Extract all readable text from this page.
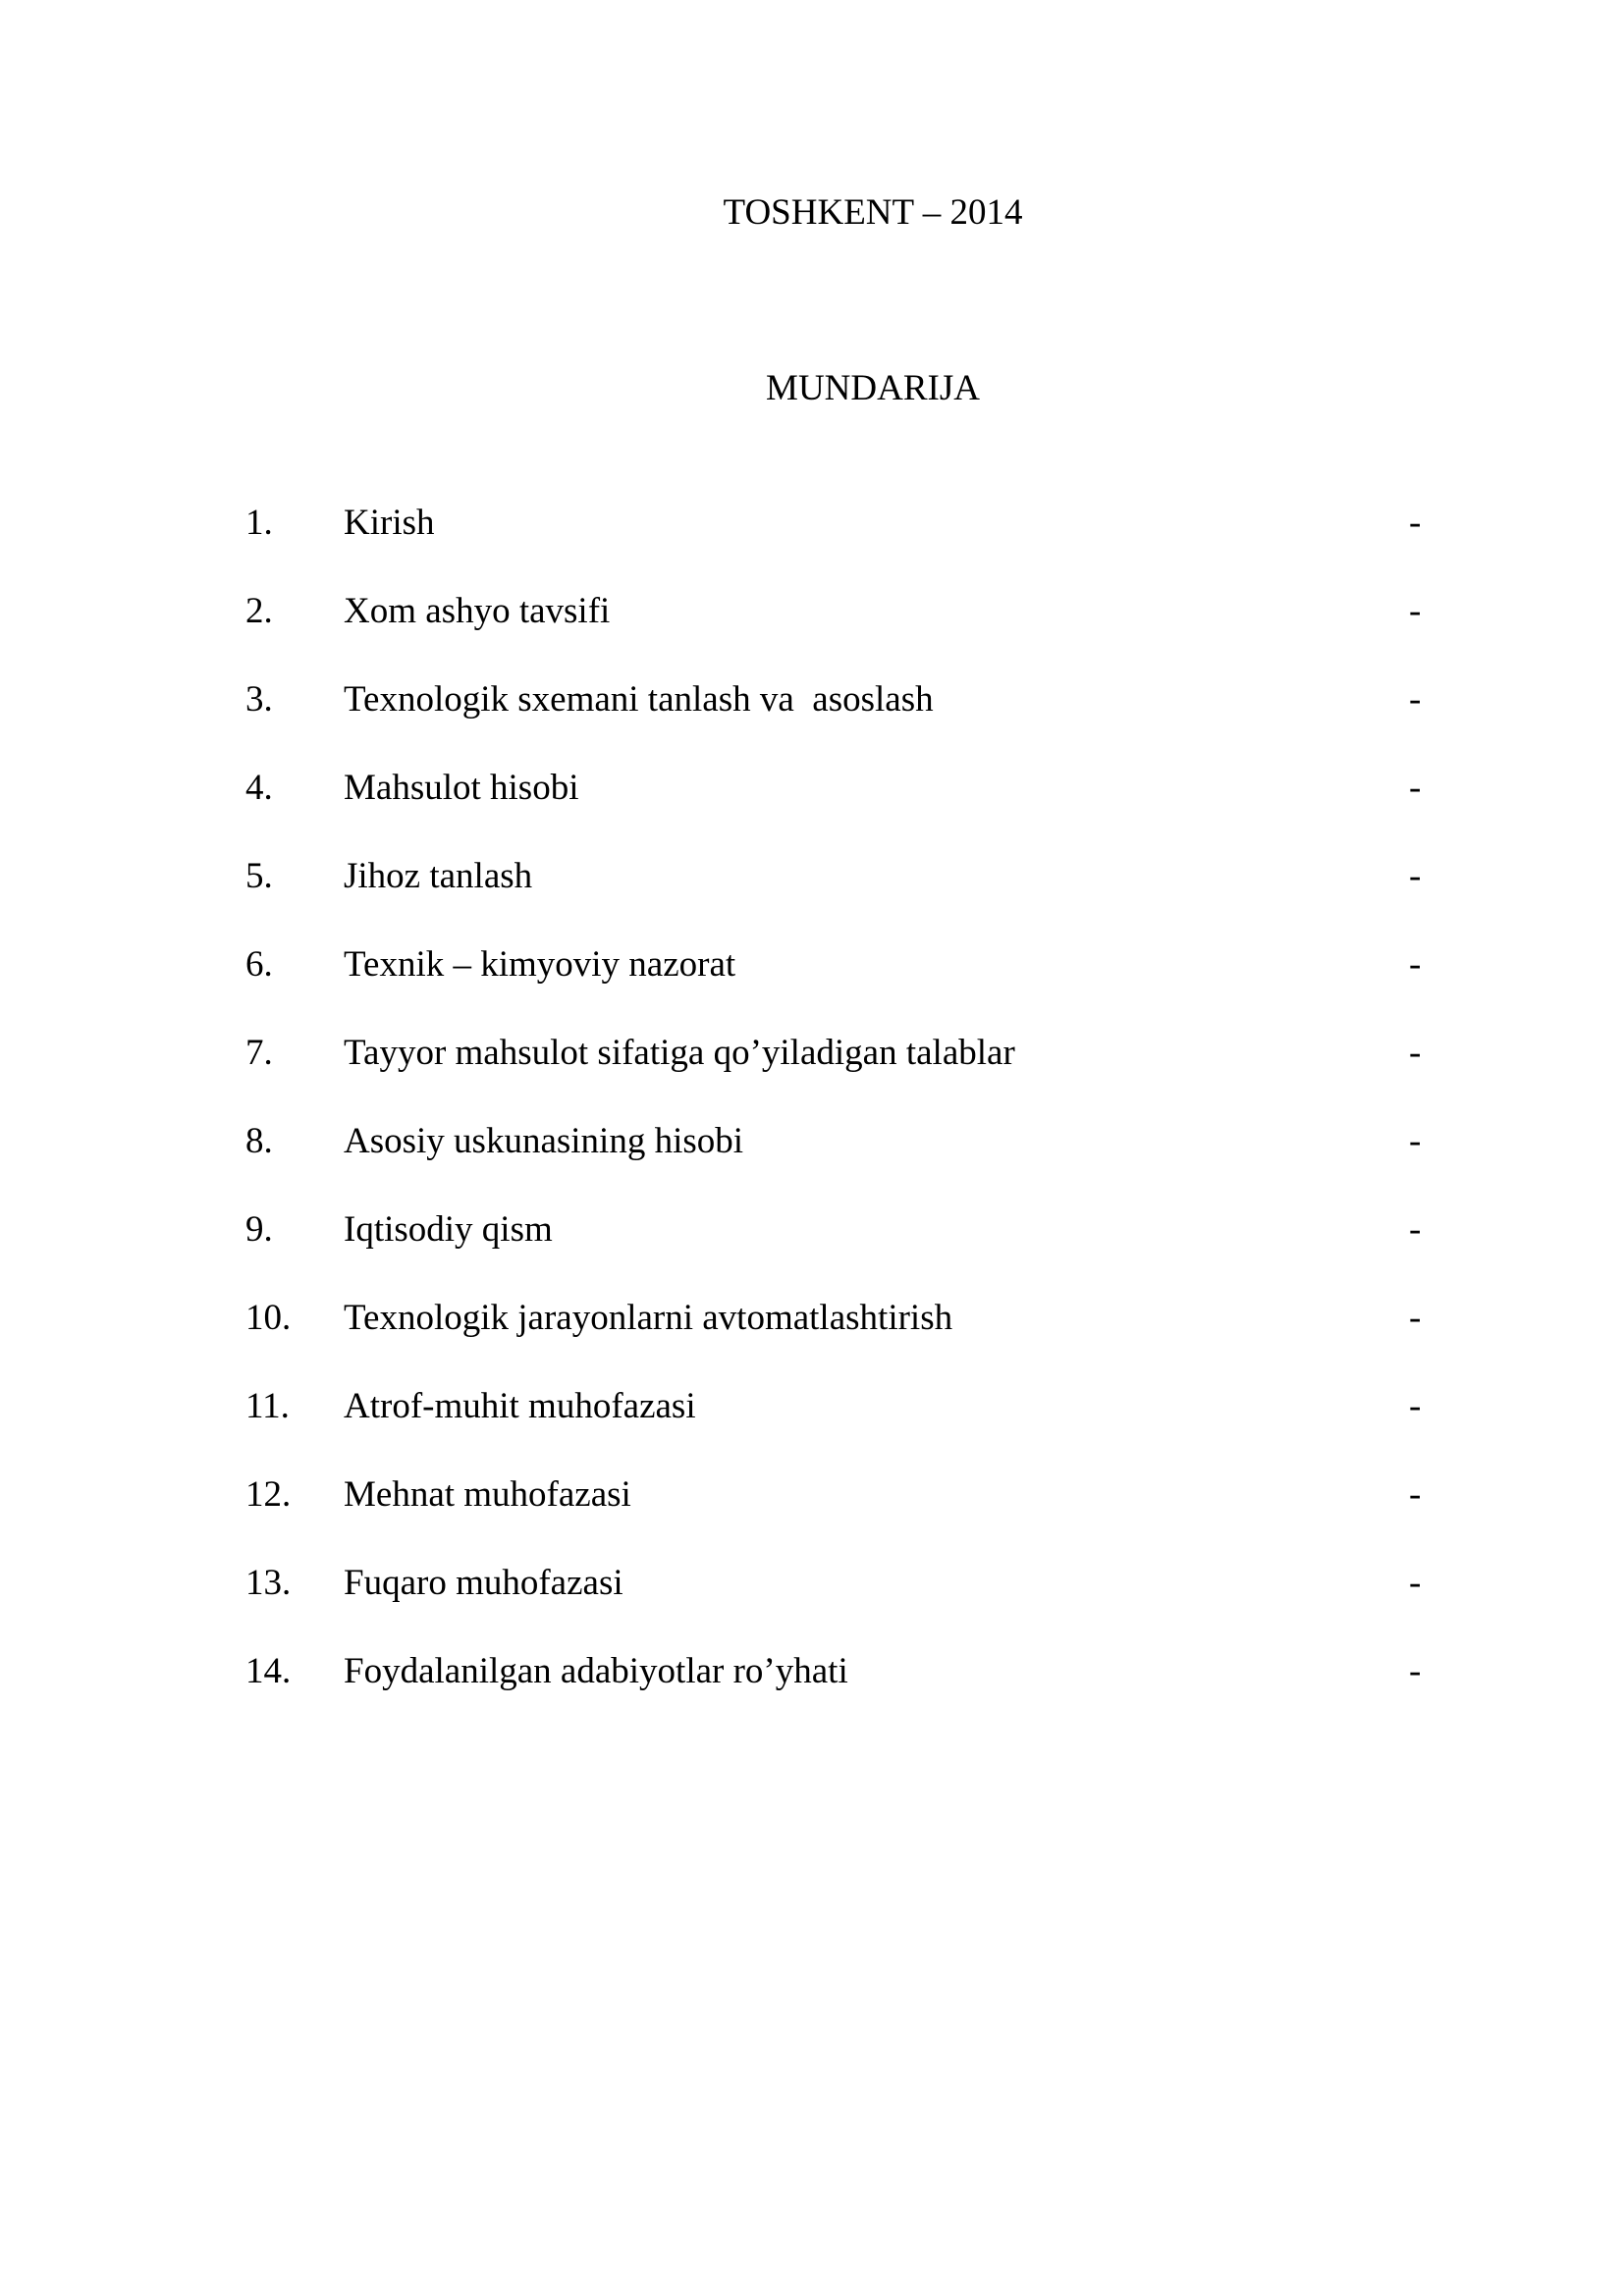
TOSHKENT – 2014
MUNDARIJA
1. Kirish	-
2. Xom ashyo tavsifi	-
3. Texnologik sxemani tanlash va  asoslash	-
4. Mahsulot hisobi	-
5. Jihoz tanlash	-
6. Texnik – kimyoviy nazorat	-
7. Tayyor mahsulot sifatiga qo’yiladigan talablar	-
8. Asosiy uskunasining hisobi	-
9. Iqtisodiy qism	-
10. Texnologik jarayonlarni avtomatlashtirish	-
11. Atrof-muhit muhofazasi	-
12. Mehnat muhofazasi	-
13. Fuqaro muhofazasi	-
14. Foydalanilgan adabiyotlar ro’yhati	-
